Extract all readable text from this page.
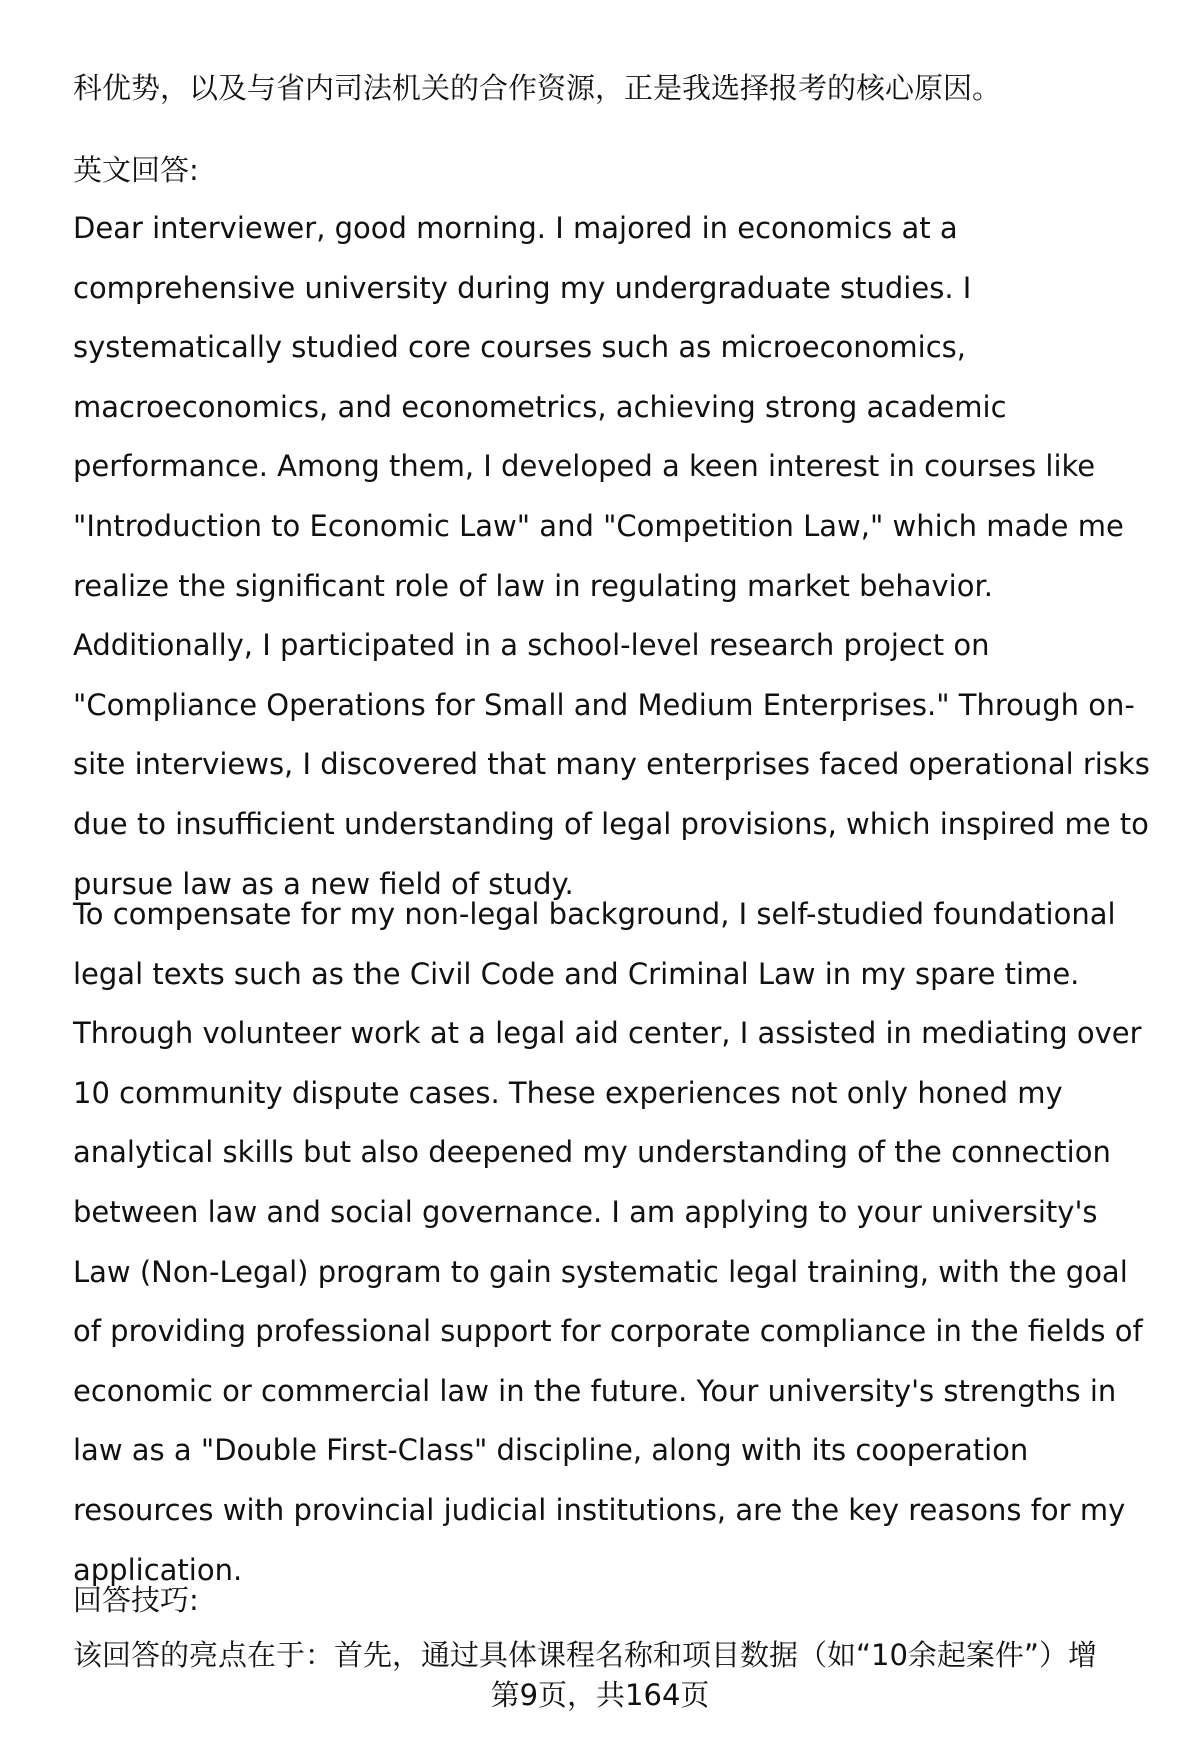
科优势，以及与省内司法机关的合作资源，正是我选择报考的核心原因。
英文回答:
Dear interviewer, good morning. I majored in economics at a comprehensive university during my undergraduate studies. I systematically studied core courses such as microeconomics, macroeconomics, and econometrics, achieving strong academic performance. Among them, I developed a keen interest in courses like "Introduction to Economic Law" and "Competition Law," which made me realize the significant role of law in regulating market behavior. Additionally, I participated in a school-level research project on "Compliance Operations for Small and Medium Enterprises." Through on-site interviews, I discovered that many enterprises faced operational risks due to insufficient understanding of legal provisions, which inspired me to pursue law as a new field of study.
To compensate for my non-legal background, I self-studied foundational legal texts such as the Civil Code and Criminal Law in my spare time. Through volunteer work at a legal aid center, I assisted in mediating over 10 community dispute cases. These experiences not only honed my analytical skills but also deepened my understanding of the connection between law and social governance. I am applying to your university's Law (Non-Legal) program to gain systematic legal training, with the goal of providing professional support for corporate compliance in the fields of economic or commercial law in the future. Your university's strengths in law as a "Double First-Class" discipline, along with its cooperation resources with provincial judicial institutions, are the key reasons for my application.
回答技巧:
该回答的亮点在于：首先，通过具体课程名称和项目数据（如“10余起案件”）增
第9页，共164页
